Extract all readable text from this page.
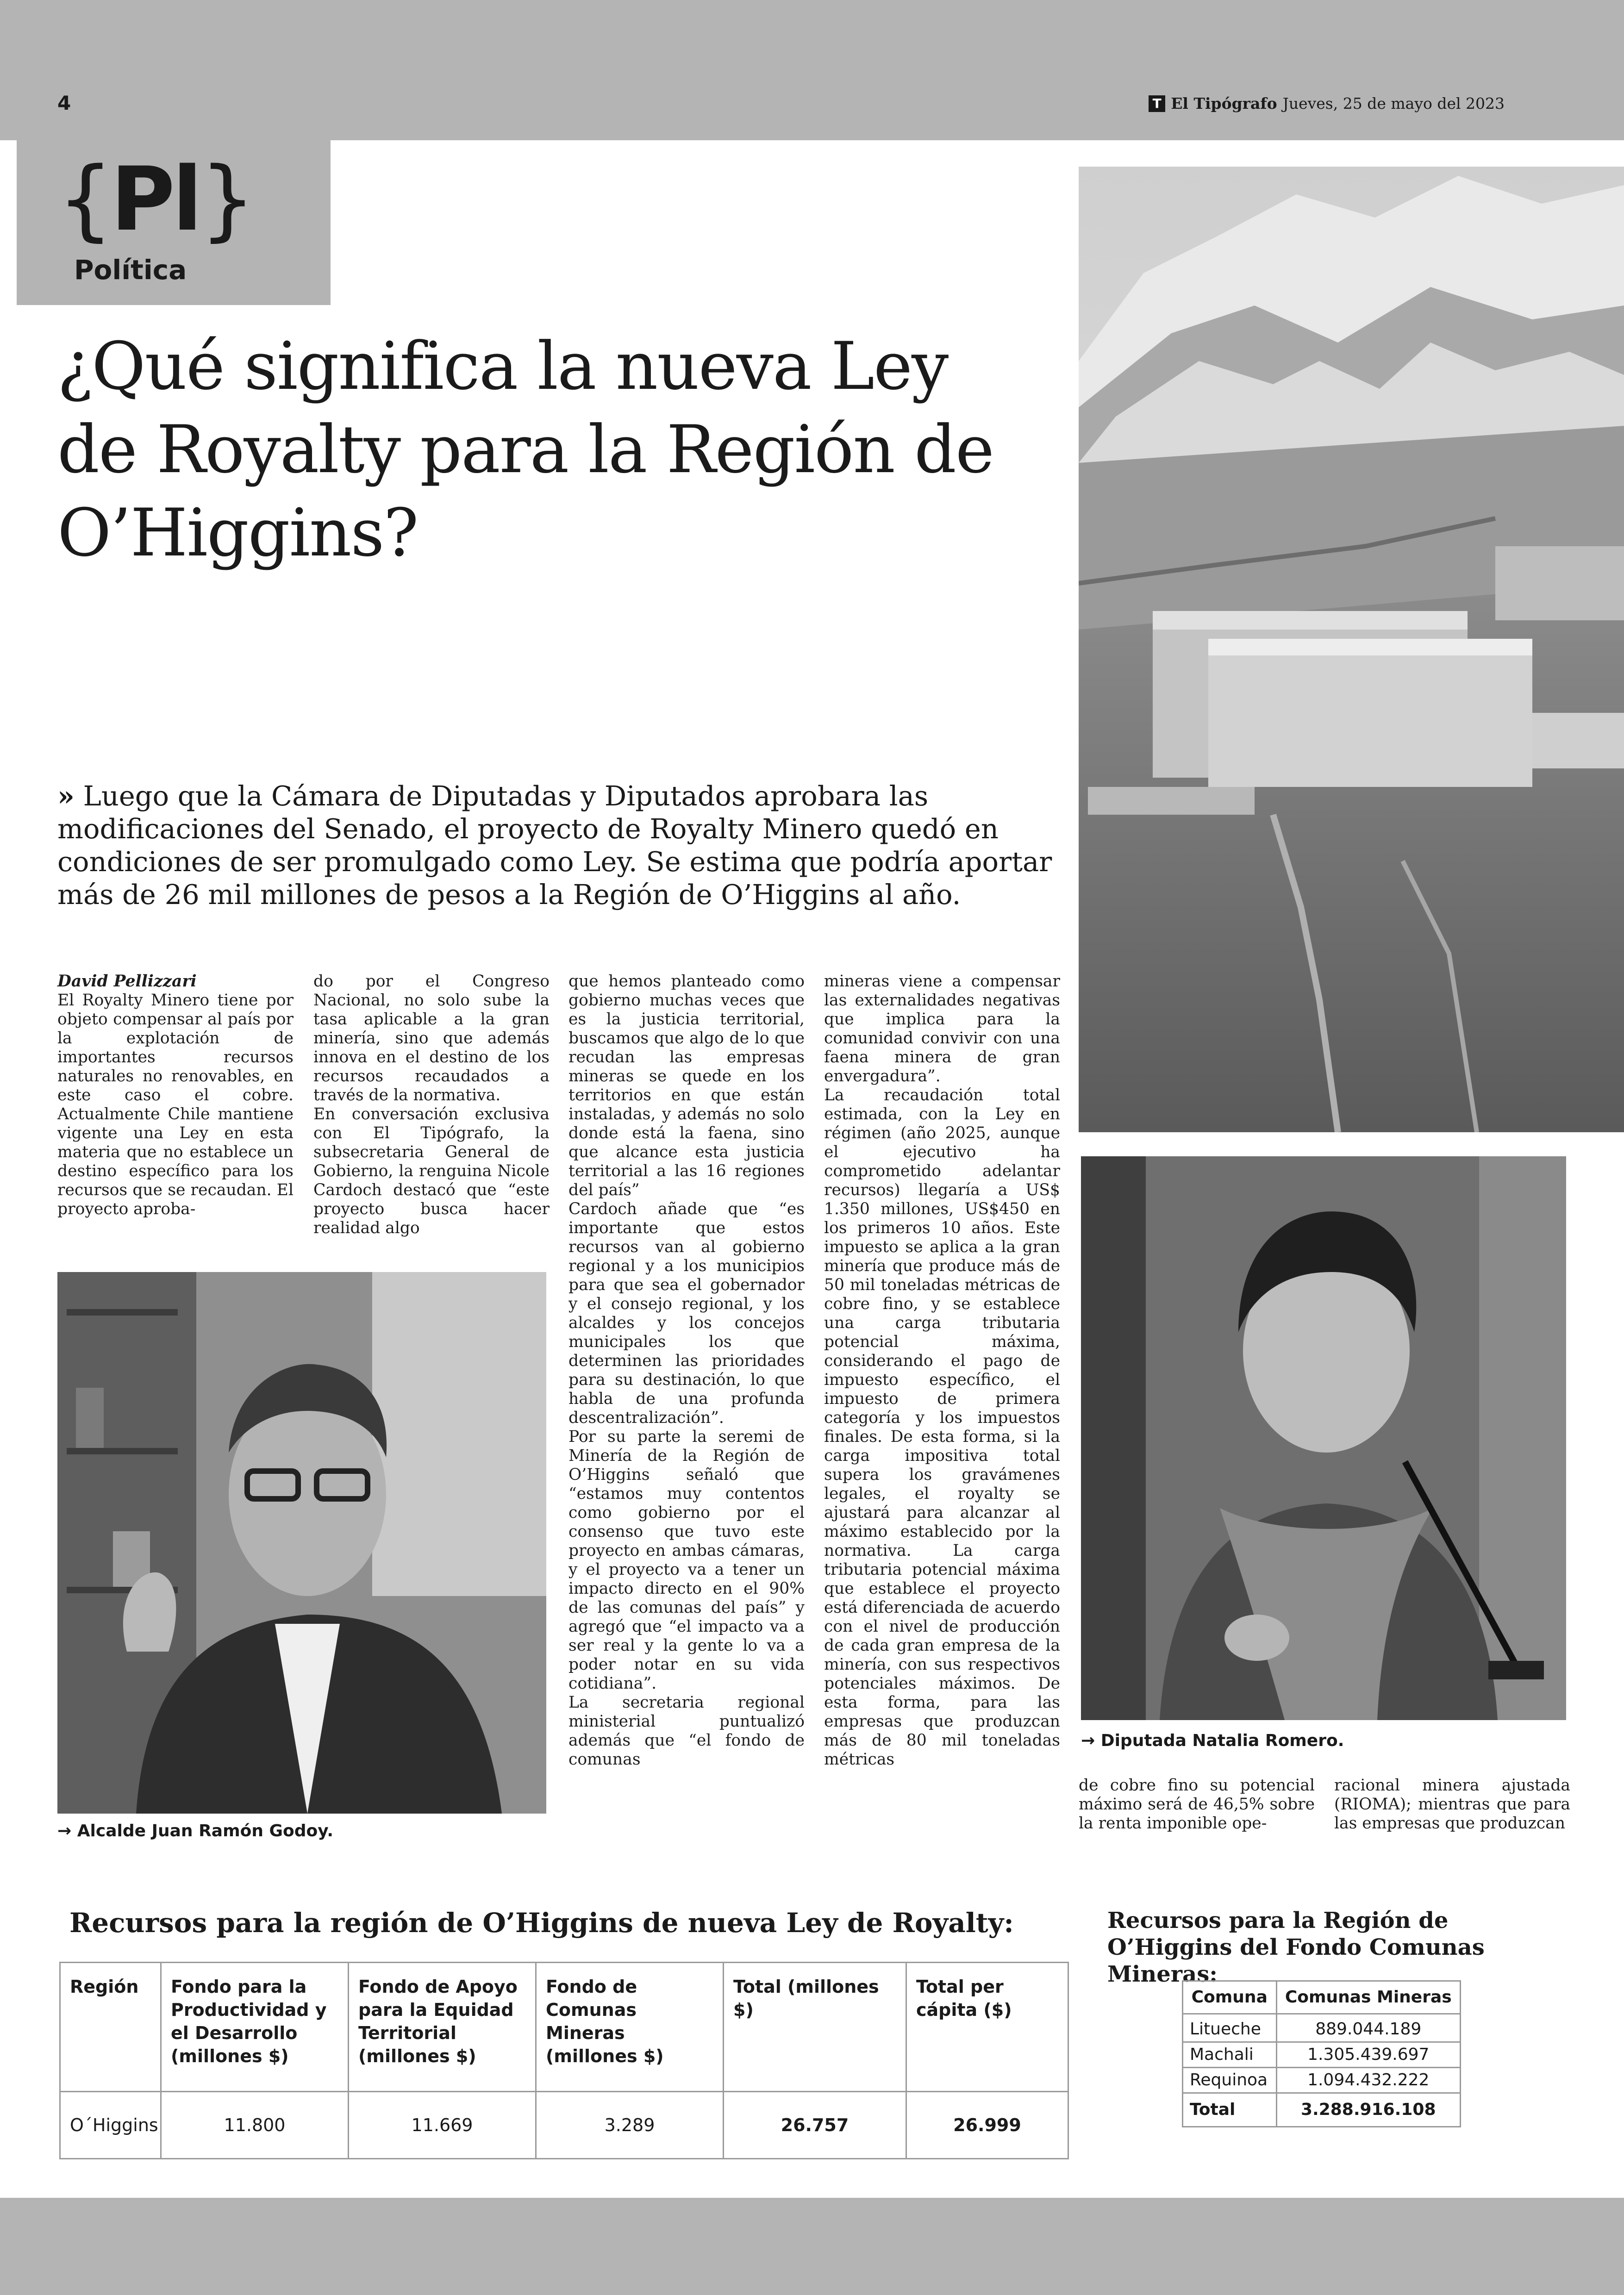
4	T El Tipógrafo Jueves, 25 de mayo del 2023
{Pl}
Política
¿Qué significa la nueva Ley de Royalty para la Región de O’Higgins?
» Luego que la Cámara de Diputadas y Diputados aprobara las modificaciones del Senado, el proyecto de Royalty Minero quedó en condiciones de ser promulgado como Ley. Se estima que podría aportar más de 26 mil millones de pesos a la Región de O’Higgins al año.
→ Alcalde Juan Ramón Godoy.
→ Diputada Natalia Romero.

David Pellizzari

El Royalty Minero tiene por objeto compensar al país por la explotación de importantes recursos naturales no renovables, en este caso el cobre. Actualmente Chile mantiene vigente una Ley en esta materia que no establece un destino específico para los recursos que se recaudan. El proyecto aproba-

do por el Congreso Nacional, no solo sube la tasa aplicable a la gran minería, sino que además innova en el destino de los recursos recaudados a través de la normativa.

En conversación exclusiva con El Tipógrafo, la subsecretaria General de Gobierno, la renguina Nicole Cardoch destacó que “este proyecto busca hacer realidad algo

que hemos planteado como gobierno muchas veces que es la justicia territorial, buscamos que algo de lo que recudan las empresas mineras se quede en los territorios en que están instaladas, y además no solo donde está la faena, sino que alcance esta justicia territorial a las 16 regiones del país”

Cardoch añade que “es importante que estos recursos van al gobierno regional y a los municipios para que sea el gobernador y el consejo regional, y los alcaldes y los concejos municipales los que determinen las prioridades para su destinación, lo que habla de una profunda descentralización”.

Por su parte la seremi de Minería de la Región de O’Higgins señaló que “estamos muy contentos como gobierno por el consenso que tuvo este proyecto en ambas cámaras, y el proyecto va a tener un impacto directo en el 90% de las comunas del país” y agregó que “el impacto va a ser real y la gente lo va a poder notar en su vida cotidiana”.

La secretaria regional ministerial puntualizó además que “el fondo de comunas

mineras viene a compensar las externalidades negativas que implica para la comunidad convivir con una faena minera de gran envergadura”.

La recaudación total estimada, con la Ley en régimen (año 2025, aunque el ejecutivo ha comprometido adelantar recursos) llegaría a US$ 1.350 millones, US$450 en los primeros 10 años. Este impuesto se aplica a la gran minería que produce más de 50 mil toneladas métricas de cobre fino, y se establece una carga tributaria potencial máxima, considerando el pago de impuesto específico, el impuesto de primera categoría y los impuestos finales. De esta forma, si la carga impositiva total supera los gravámenes legales, el royalty se ajustará para alcanzar al máximo establecido por la normativa. La carga tributaria potencial máxima que establece el proyecto está diferenciada de acuerdo con el nivel de producción de cada gran empresa de la minería, con sus respectivos potenciales máximos. De esta forma, para las empresas que produzcan más de 80 mil toneladas métricas

de cobre fino su potencial máximo será de 46,5% sobre la renta imponible ope-

racional minera ajustada (RIOMA); mientras que para las empresas que produzcan

Recursos para la región de O’Higgins de nueva Ley de Royalty:
Región	Fondo para la Productividad y el Desarrollo (millones $)	Fondo de Apoyo para la Equidad Territorial (millones $)	Fondo de Comunas Mineras (millones $)	Total (millones $)	Total per cápita ($)
O´Higgins	11.800	11.669	3.289	26.757	26.999
Recursos para la Región de O’Higgins del Fondo Comunas Mineras:
Comuna	Comunas Mineras
Litueche	889.044.189
Machali	1.305.439.697
Requinoa	1.094.432.222
Total	3.288.916.108
